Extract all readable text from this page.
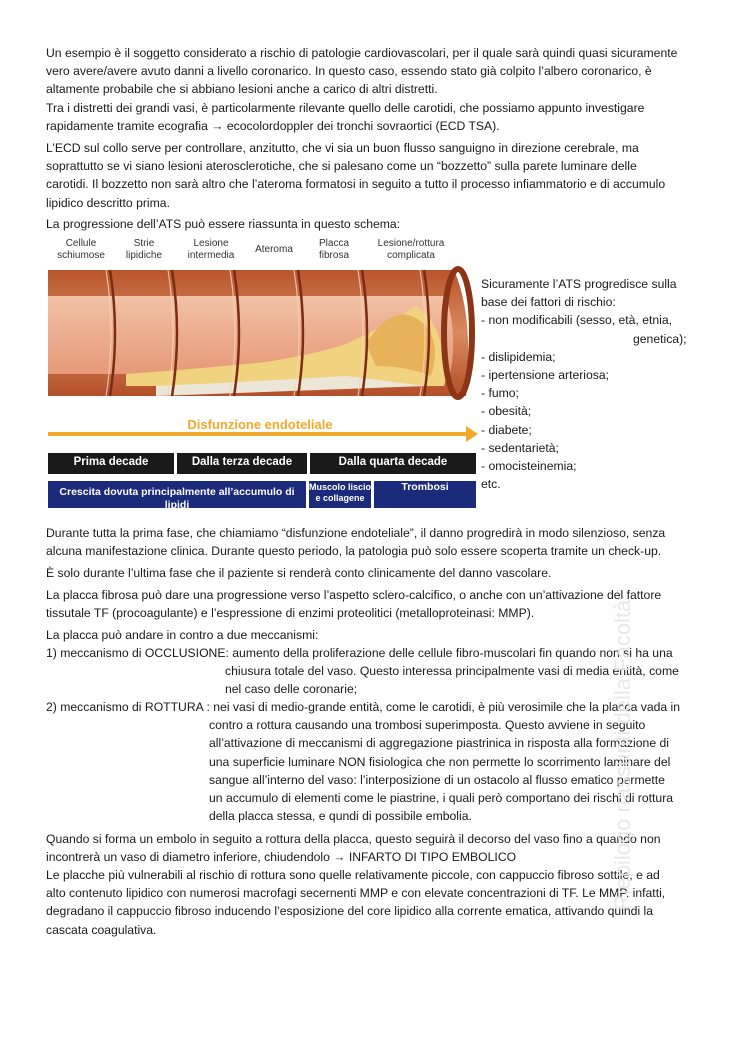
Un esempio è il soggetto considerato a rischio di patologie cardiovascolari, per il quale sarà quindi quasi sicuramente
vero avere/avere avuto danni a livello coronarico. In questo caso, essendo stato già colpito l’albero coronarico, è
altamente probabile che si abbiano lesioni anche a carico di altri distretti.
Tra i distretti dei grandi vasi, è particolarmente rilevante quello delle carotidi, che possiamo appunto investigare
rapidamente tramite ecografia → ecocolordoppler dei tronchi sovraortici (ECD TSA).
L’ECD sul collo serve per controllare, anzitutto, che vi sia un buon flusso sanguigno in direzione cerebrale, ma
soprattutto se vi siano lesioni aterosclerotiche, che si palesano come un “bozzetto” sulla parete luminare delle
carotidi. Il bozzetto non sarà altro che l’ateroma formatosi in seguito a tutto il processo infiammatorio e di accumulo
lipidico descritto prima.
La progressione dell’ATS può essere riassunta in questo schema:
Cellule
schiumose
Strie
lipidiche
Lesione
intermedia
Ateroma
Placca
fibrosa
Lesione/rottura
complicata
Disfunzione endoteliale
Prima decade	Dalla terza decade	Dalla quarta decade
Crescita dovuta principalmente all’accumulo di lipidi
Muscolo liscio e collagene
Trombosi
Sicuramente l’ATS progredisce sulla
base dei fattori di rischio:
- non modificabili (sesso, età, etnia,
genetica);
- dislipidemia;
- ipertensione arteriosa;
- fumo;
- obesità;
- diabete;
- sedentarietà;
- omocisteinemia;
etc.
Durante tutta la prima fase, che chiamiamo “disfunzione endoteliale”, il danno progredirà in modo silenzioso, senza
alcuna manifestazione clinica. Durante questo periodo, la patologia può solo essere scoperta tramite un check-up.
È solo durante l’ultima fase che il paziente si renderà conto clinicamente del danno vascolare.
La placca fibrosa può dare una progressione verso l’aspetto sclero-calcifico, o anche con un’attivazione del fattore
tissutale TF (procoagulante) e l’espressione di enzimi proteolitici (metalloproteinasi: MMP).
La placca può andare in contro a due meccanismi:
1) meccanismo di OCCLUSIONE: aumento della proliferazione delle cellule fibro-muscolari fin quando non si ha una
chiusura totale del vaso. Questo interessa principalmente vasi di media entità, come
nel caso delle coronarie;
2) meccanismo di ROTTURA : nei vasi di medio-grande entità, come le carotidi, è più verosimile che la placca vada in
contro a rottura causando una trombosi superimposta. Questo avviene in seguito
all’attivazione di meccanismi di aggregazione piastrinica in risposta alla formazione di
una superficie luminare NON fisiologica che non permette lo scorrimento laminare del
sangue all’interno del vaso: l’interposizione di un ostacolo al flusso ematico permette
un accumulo di elementi come le piastrine, i quali però comportano dei rischi di rottura
della placca stessa, e qundi di possibile embolia.
Quando si forma un embolo in seguito a rottura della placca, questo seguirà il decorso del vaso fino a quando non
incontrerà un vaso di diametro inferiore, chiudendolo → INFARTO DI TIPO EMBOLICO
Le placche più vulnerabili al rischio di rottura sono quelle relativamente piccole, con cappuccio fibroso sottile, e ad
alto contenuto lipidico con numerosi macrofagi secernenti MMP e con elevate concentrazioni di TF. Le MMP, infatti,
degradano il cappuccio fibroso inducendo l’esposizione del core lipidico alla corrente ematica, attivando quindi la
cascata coagulativa.
Riepilogo riassunti della Facoltà
